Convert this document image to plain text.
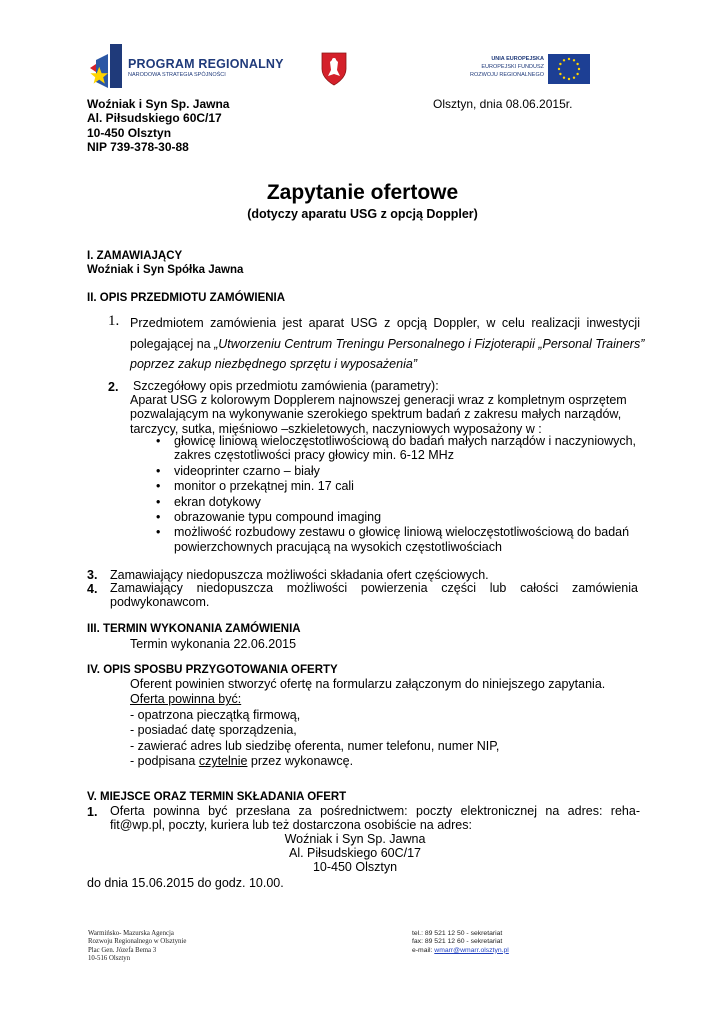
PROGRAM REGIONALNY
NARODOWA STRATEGIA SPÓJNOŚCI
UNIA EUROPEJSKA
EUROPEJSKI FUNDUSZ
ROZWOJU REGIONALNEGO
Woźniak i Syn Sp. Jawna
Al. Piłsudskiego 60C/17
10-450 Olsztyn
NIP 739-378-30-88
Olsztyn, dnia 08.06.2015r.
Zapytanie ofertowe
(dotyczy aparatu USG z opcją Doppler)
I. ZAMAWIAJĄCY
Woźniak i Syn Spółka Jawna
II. OPIS PRZEDMIOTU ZAMÓWIENIA
1. Przedmiotem zamówienia jest aparat USG z opcją Doppler, w celu realizacji inwestycji
polegającej na „Utworzeniu Centrum Treningu Personalnego i Fizjoterapii „Personal Trainers”
poprzez zakup niezbędnego sprzętu i wyposażenia”
2. Szczegółowy opis przedmiotu zamówienia (parametry):
Aparat USG z kolorowym Dopplerem najnowszej generacji wraz z kompletnym osprzętem
pozwalającym na wykonywanie szerokiego spektrum badań z zakresu małych narządów,
tarczycy, sutka, mięśniowo –szkieletowych, naczyniowych wyposażony w :
• głowicę liniową wieloczęstotliwościową do badań małych narządów i naczyniowych, zakres częstotliwości pracy głowicy min. 6-12 MHz
• videoprinter czarno – biały
• monitor o przekątnej min. 17 cali
• ekran dotykowy
• obrazowanie typu compound imaging
• możliwość rozbudowy zestawu o głowicę liniową wieloczęstotliwościową do badań powierzchownych pracującą na wysokich częstotliwościach
3. Zamawiający niedopuszcza możliwości składania ofert częściowych.
4. Zamawiający niedopuszcza możliwości powierzenia części lub całości zamówienia podwykonawcom.
III. TERMIN WYKONANIA ZAMÓWIENIA
Termin wykonania 22.06.2015
IV. OPIS SPOSBU PRZYGOTOWANIA OFERTY
Oferent powinien stworzyć ofertę na formularzu załączonym do niniejszego zapytania.
Oferta powinna być:
- opatrzona pieczątką firmową,
- posiadać datę sporządzenia,
- zawierać adres lub siedzibę oferenta, numer telefonu, numer NIP,
- podpisana czytelnie przez wykonawcę.
V. MIEJSCE ORAZ TERMIN SKŁADANIA OFERT
1. Oferta powinna być przesłana za pośrednictwem: poczty elektronicznej na adres: reha-fit@wp.pl, poczty, kuriera lub też dostarczona osobiście na adres:
Woźniak i Syn Sp. Jawna
Al. Piłsudskiego 60C/17
10-450 Olsztyn
do dnia 15.06.2015 do godz. 10.00.
Warmińsko- Mazurska Agencja
Rozwoju Regionalnego w Olsztynie
Plac Gen. Józefa Bema 3
10-516 Olsztyn
tel.: 89 521 12 50 - sekretariat
fax: 89 521 12 60 - sekretariat
e-mail: wmarr@wmarr.olsztyn.pl
